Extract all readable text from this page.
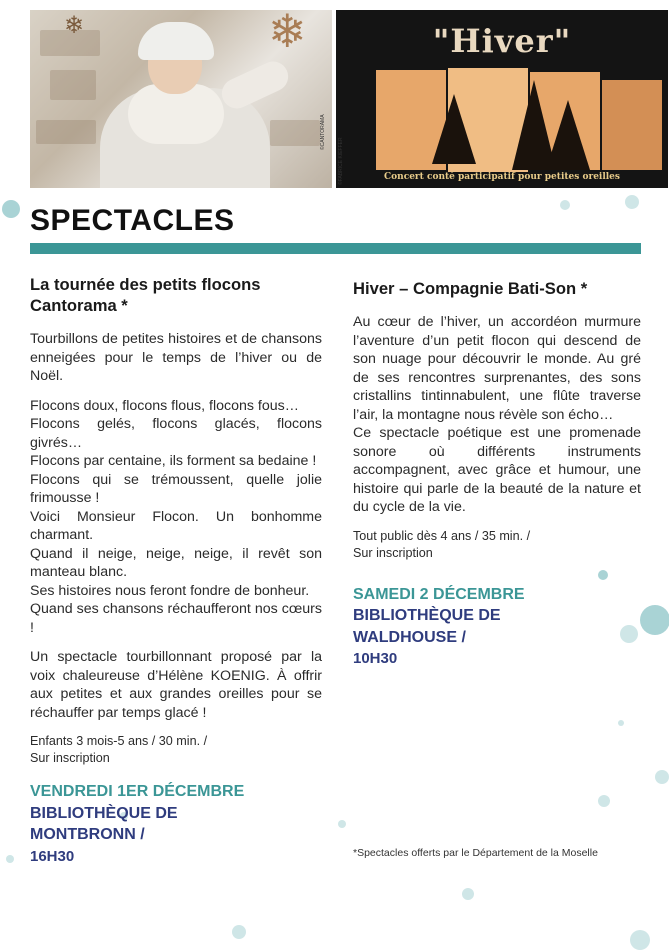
❄
❄
©CANTORAMA
"Hiver"
Concert conté participatif pour petites oreilles
©FABRICE KIEFFER
SPECTACLES

La tournée des petits flocons
Cantorama *

Tourbillons de petites histoires et de chansons enneigées pour le temps de l’hiver ou de Noël.

Flocons doux, flocons flous, flocons fous…
Flocons gelés, flocons glacés, flocons givrés…
Flocons par centaine, ils forment sa bedaine !
Flocons qui se trémoussent, quelle jolie frimousse !
Voici Monsieur Flocon. Un bonhomme charmant.
Quand il neige, neige, neige, il revêt son manteau blanc.
Ses histoires nous feront fondre de bonheur.
Quand ses chansons réchaufferont nos cœurs !

Un spectacle tourbillonnant proposé par la voix chaleureuse d’Hélène KOENIG. À offrir aux petites et aux grandes oreilles pour se réchauffer par temps glacé !

Enfants 3 mois-5 ans / 30 min. /
Sur inscription

VENDREDI 1ER DÉCEMBRE
BIBLIOTHÈQUE DE
MONTBRONN /
16H30

Hiver – Compagnie Bati-Son *

Au cœur de l’hiver, un accordéon murmure l’aventure d’un petit flocon qui descend de son nuage pour découvrir le monde. Au gré de ses rencontres surprenantes, des sons cristallins tintinnabulent, une flûte traverse l’air, la montagne nous révèle son écho…

Ce spectacle poétique est une promenade sonore où différents instruments accompagnent, avec grâce et humour, une histoire qui parle de la beauté de la nature et du cycle de la vie.

Tout public dès 4 ans / 35 min. /
Sur inscription

SAMEDI 2 DÉCEMBRE
BIBLIOTHÈQUE DE
WALDHOUSE /
10H30

*Spectacles offerts par le Département de la Moselle
